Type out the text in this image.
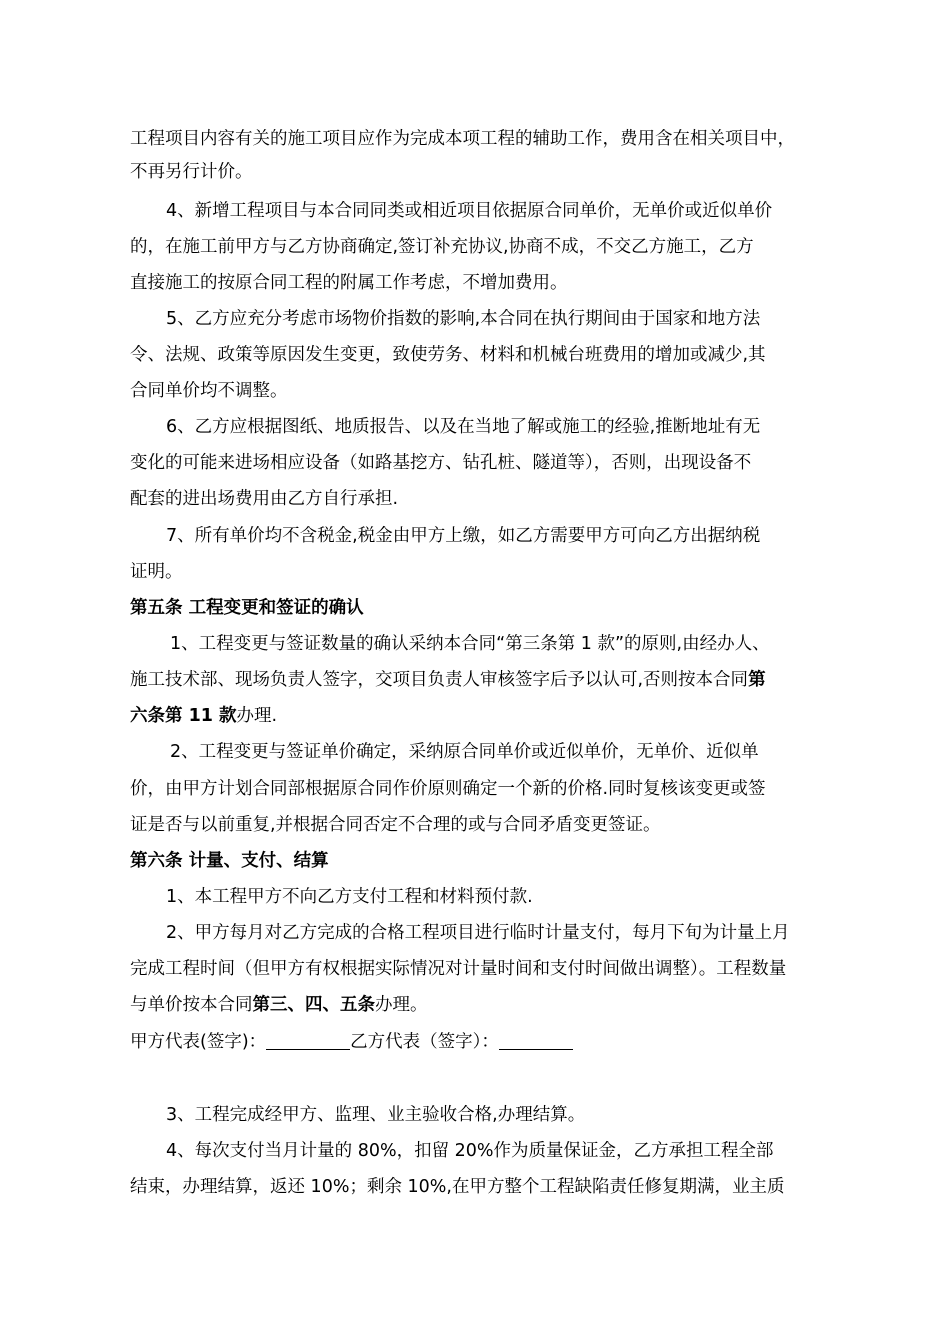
工程项目内容有关的施工项目应作为完成本项工程的辅助工作，费用含在相关项目中，
不再另行计价。
4、新增工程项目与本合同同类或相近项目依据原合同单价，无单价或近似单价
的，在施工前甲方与乙方协商确定,签订补充协议,协商不成，不交乙方施工，乙方
直接施工的按原合同工程的附属工作考虑，不增加费用。
5、乙方应充分考虑市场物价指数的影响,本合同在执行期间由于国家和地方法
令、法规、政策等原因发生变更，致使劳务、材料和机械台班费用的增加或减少,其
合同单价均不调整。
6、乙方应根据图纸、地质报告、以及在当地了解或施工的经验,推断地址有无
变化的可能来进场相应设备（如路基挖方、钻孔桩、隧道等），否则，出现设备不
配套的进出场费用由乙方自行承担.
7、所有单价均不含税金,税金由甲方上缴，如乙方需要甲方可向乙方出据纳税
证明。
第五条 工程变更和签证的确认
1、工程变更与签证数量的确认采纳本合同“第三条第 1 款”的原则,由经办人、
施工技术部、现场负责人签字，交项目负责人审核签字后予以认可,否则按本合同第
六条第 11 款办理.
2、工程变更与签证单价确定，采纳原合同单价或近似单价，无单价、近似单
价，由甲方计划合同部根据原合同作价原则确定一个新的价格.同时复核该变更或签
证是否与以前重复,并根据合同否定不合理的或与合同矛盾变更签证。
第六条 计量、支付、结算
1、本工程甲方不向乙方支付工程和材料预付款.
2、甲方每月对乙方完成的合格工程项目进行临时计量支付，每月下旬为计量上月
完成工程时间（但甲方有权根据实际情况对计量时间和支付时间做出调整）。工程数量
与单价按本合同第三、四、五条办理。
甲方代表(签字)：	乙方代表（签字）：
3、工程完成经甲方、监理、业主验收合格,办理结算。
4、每次支付当月计量的 80%，扣留 20%作为质量保证金，乙方承担工程全部
结束，办理结算，返还 10%；剩余 10%,在甲方整个工程缺陷责任修复期满，业主质
